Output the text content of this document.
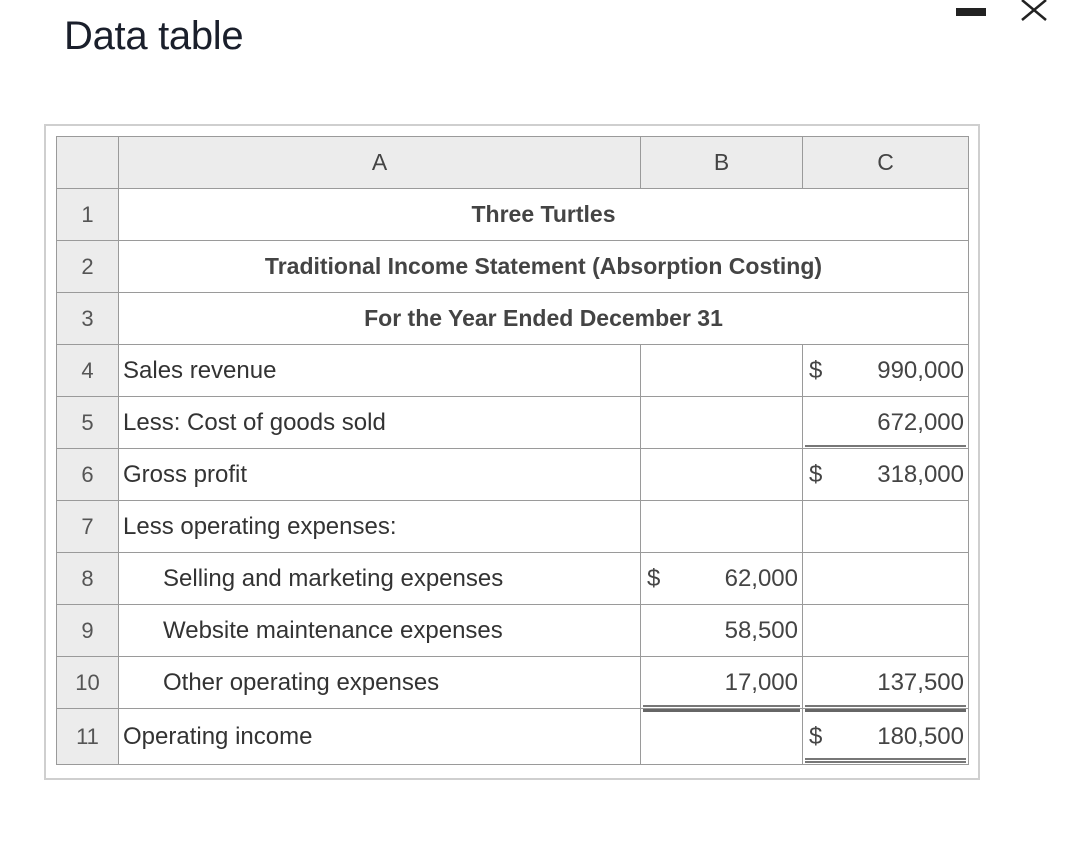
Data table
	A	B	C
1	Three Turtles		
2	Traditional Income Statement (Absorption Costing)		
3	For the Year Ended December 31		
4	Sales revenue		$ 990,000

5	Less: Cost of goods sold		672,000

6	Gross profit		$ 318,000

7	Less operating expenses:	

8	Selling and marketing expenses	$ 62,000	

9	Website maintenance expenses	58,500	

10	Other operating expenses	17,000	137,500

11	Operating income		$ 180,500
